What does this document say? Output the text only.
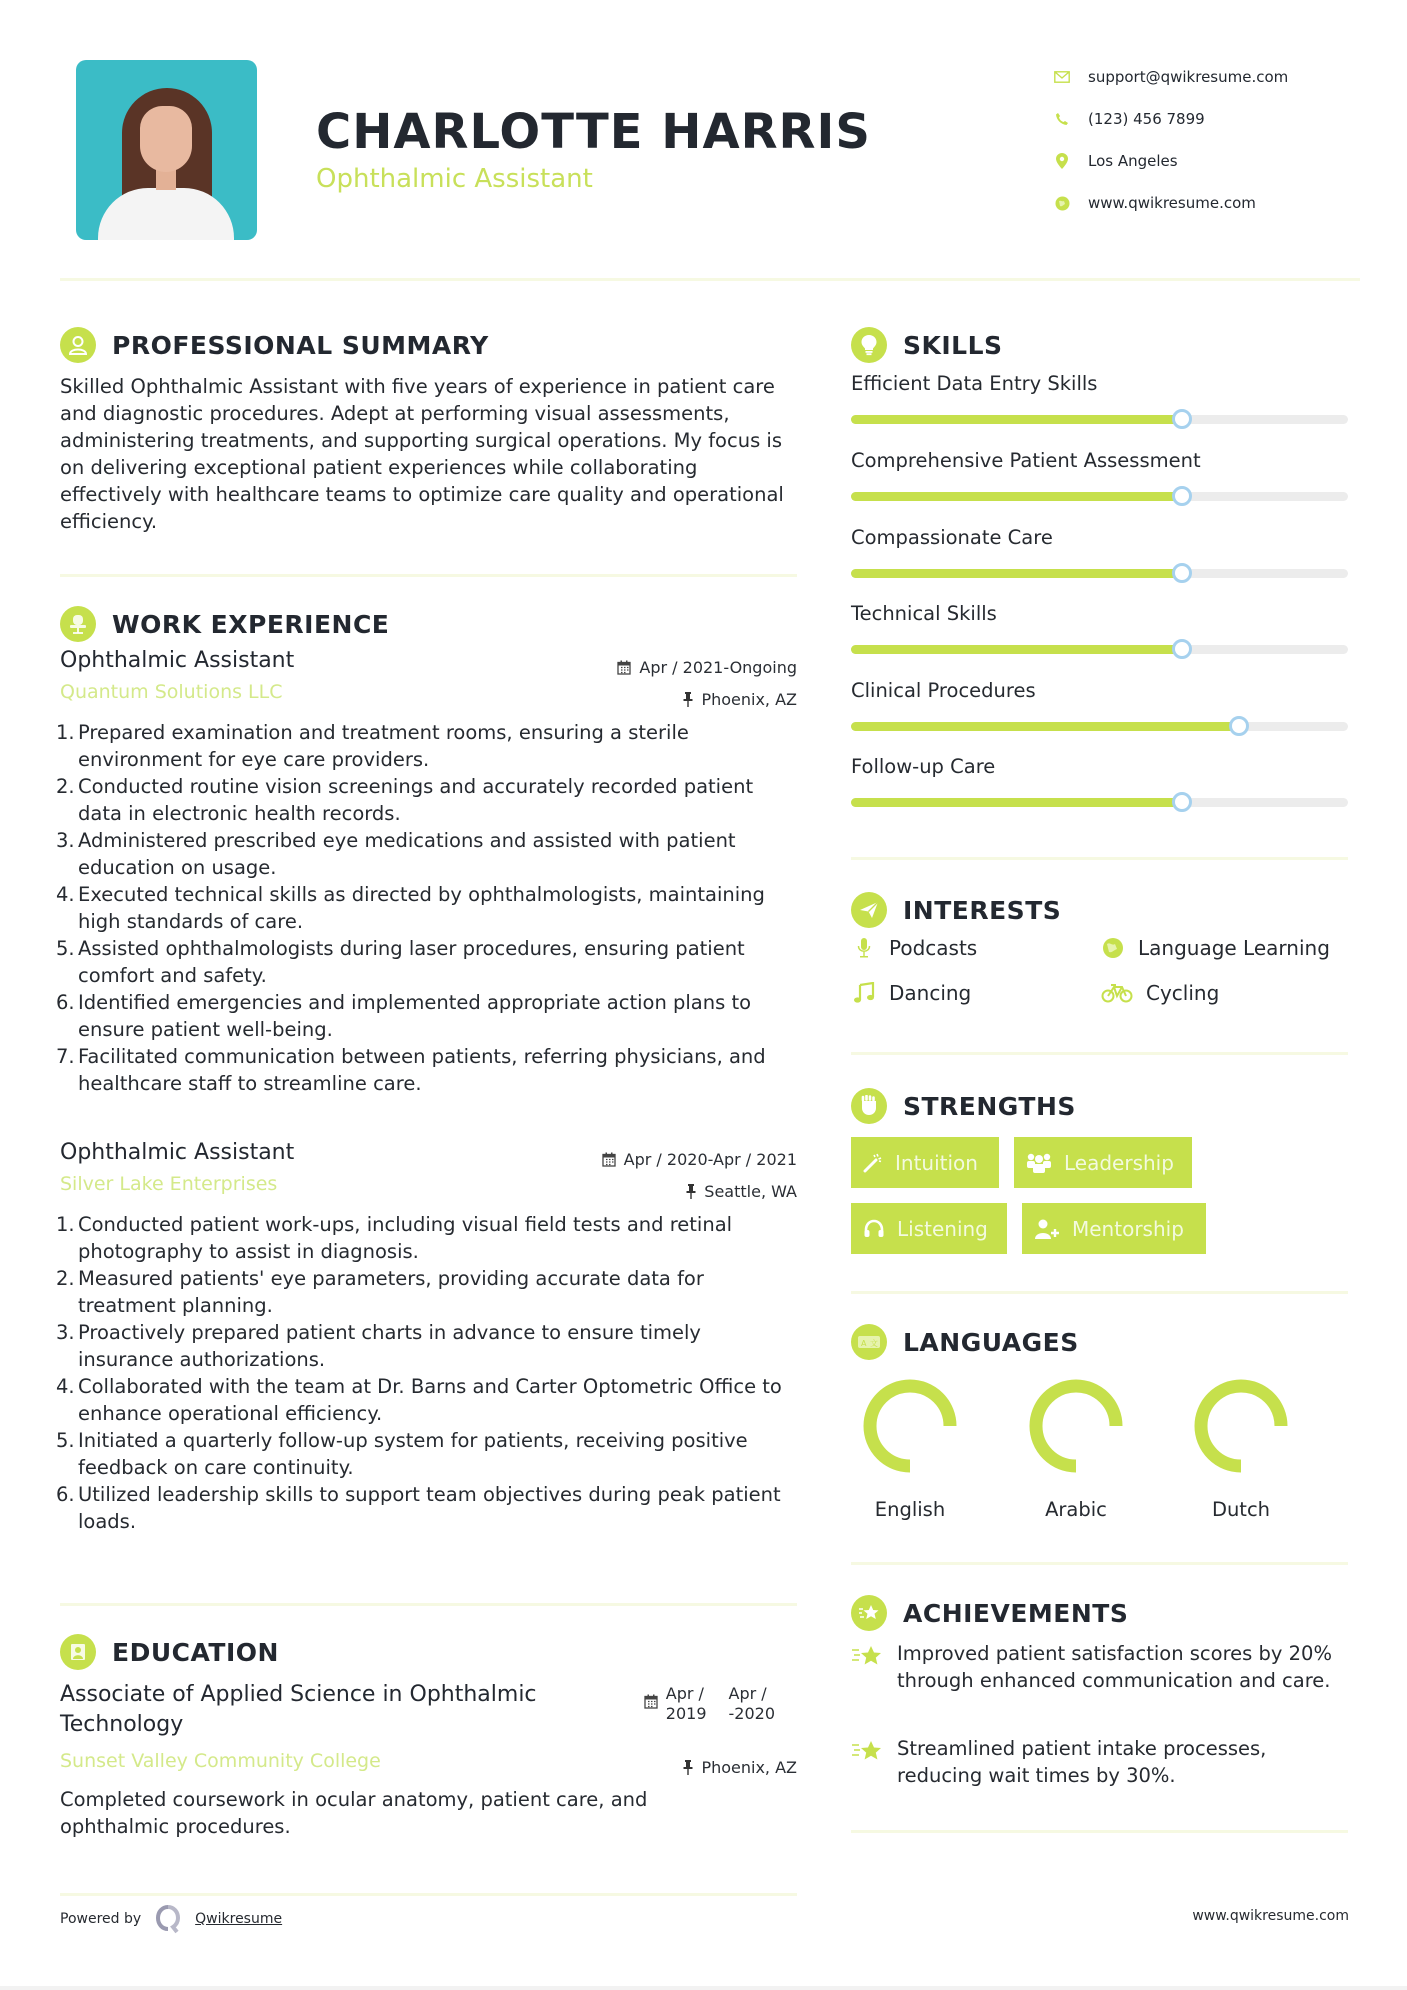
CHARLOTTE HARRIS
Ophthalmic Assistant
support@qwikresume.com
(123) 456 7899
Los Angeles
www.qwikresume.com
PROFESSIONAL SUMMARY
Skilled Ophthalmic Assistant with five years of experience in patient care and diagnostic procedures. Adept at performing visual assessments, administering treatments, and supporting surgical operations. My focus is on delivering exceptional patient experiences while collaborating effectively with healthcare teams to optimize care quality and operational efficiency.
WORK EXPERIENCE
Ophthalmic Assistant
Quantum Solutions LLC
Apr / 2021-Ongoing
Phoenix, AZ
1. Prepared examination and treatment rooms, ensuring a sterile environment for eye care providers.
2. Conducted routine vision screenings and accurately recorded patient data in electronic health records.
3. Administered prescribed eye medications and assisted with patient education on usage.
4. Executed technical skills as directed by ophthalmologists, maintaining high standards of care.
5. Assisted ophthalmologists during laser procedures, ensuring patient comfort and safety.
6. Identified emergencies and implemented appropriate action plans to ensure patient well-being.
7. Facilitated communication between patients, referring physicians, and healthcare staff to streamline care.
Ophthalmic Assistant
Silver Lake Enterprises
Apr / 2020-Apr / 2021
Seattle, WA
1. Conducted patient work-ups, including visual field tests and retinal photography to assist in diagnosis.
2. Measured patients' eye parameters, providing accurate data for treatment planning.
3. Proactively prepared patient charts in advance to ensure timely insurance authorizations.
4. Collaborated with the team at Dr. Barns and Carter Optometric Office to enhance operational efficiency.
5. Initiated a quarterly follow-up system for patients, receiving positive feedback on care continuity.
6. Utilized leadership skills to support team objectives during peak patient loads.
EDUCATION
Associate of Applied Science in Ophthalmic Technology
Sunset Valley Community College
Apr /
2019
Apr /
-2020
Phoenix, AZ
Completed coursework in ocular anatomy, patient care, and ophthalmic procedures.
SKILLS
Efficient Data Entry Skills
Comprehensive Patient Assessment
Compassionate Care
Technical Skills
Clinical Procedures
Follow-up Care
INTERESTS
Podcasts	Language Learning
Dancing	Cycling
STRENGTHS
Intuition	Leadership
Listening	Mentorship
A 文 LANGUAGES
English	Arabic	Dutch
ACHIEVEMENTS
Improved patient satisfaction scores by 20% through enhanced communication and care.
Streamlined patient intake processes, reducing wait times by 30%.
Powered by	Qwikresume	www.qwikresume.com
